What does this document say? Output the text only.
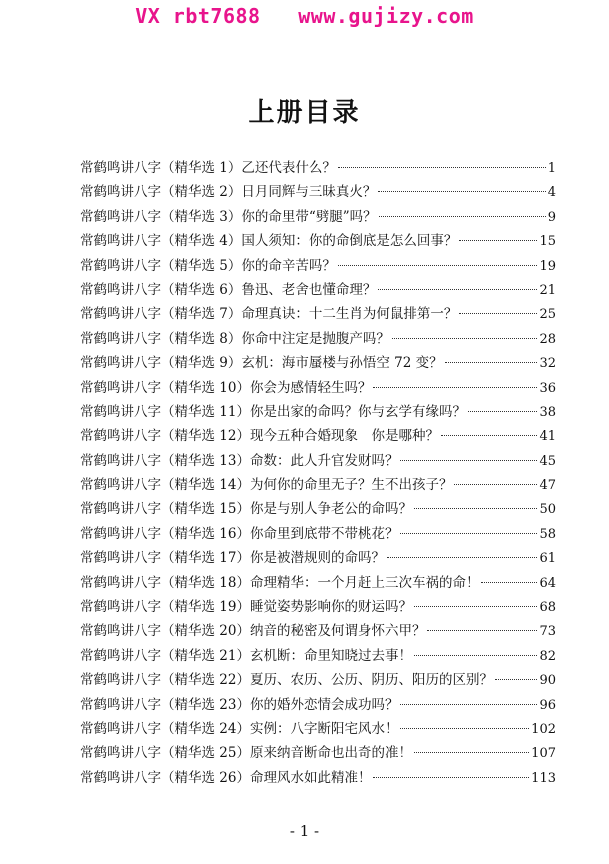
VX rbt7688 www.gujizy.com
上册目录
常鹤鸣讲八字（精华选 1）乙还代表什么？	1
常鹤鸣讲八字（精华选 2）日月同辉与三昧真火？	4
常鹤鸣讲八字（精华选 3）你的命里带“劈腿”吗？	9
常鹤鸣讲八字（精华选 4）国人须知：你的命倒底是怎么回事？	15
常鹤鸣讲八字（精华选 5）你的命辛苦吗？	19
常鹤鸣讲八字（精华选 6）鲁迅、老舍也懂命理？	21
常鹤鸣讲八字（精华选 7）命理真诀：十二生肖为何鼠排第一？	25
常鹤鸣讲八字（精华选 8）你命中注定是抛腹产吗？	28
常鹤鸣讲八字（精华选 9）玄机：海市蜃楼与孙悟空 72 变？	32
常鹤鸣讲八字（精华选 10）你会为感情轻生吗？	36
常鹤鸣讲八字（精华选 11）你是出家的命吗？你与玄学有缘吗？	38
常鹤鸣讲八字（精华选 12）现今五种合婚现象　你是哪种？	41
常鹤鸣讲八字（精华选 13）命数：此人升官发财吗？	45
常鹤鸣讲八字（精华选 14）为何你的命里无子？生不出孩子？	47
常鹤鸣讲八字（精华选 15）你是与别人争老公的命吗？	50
常鹤鸣讲八字（精华选 16）你命里到底带不带桃花？	58
常鹤鸣讲八字（精华选 17）你是被潜规则的命吗？	61
常鹤鸣讲八字（精华选 18）命理精华：一个月赶上三次车祸的命！	64
常鹤鸣讲八字（精华选 19）睡觉姿势影响你的财运吗？	68
常鹤鸣讲八字（精华选 20）纳音的秘密及何谓身怀六甲？	73
常鹤鸣讲八字（精华选 21）玄机断：命里知晓过去事！	82
常鹤鸣讲八字（精华选 22）夏历、农历、公历、阴历、阳历的区别？	90
常鹤鸣讲八字（精华选 23）你的婚外恋情会成功吗？	96
常鹤鸣讲八字（精华选 24）实例：八字断阳宅风水！	102
常鹤鸣讲八字（精华选 25）原来纳音断命也出奇的准！	107
常鹤鸣讲八字（精华选 26）命理风水如此精准！	113
- 1 -
